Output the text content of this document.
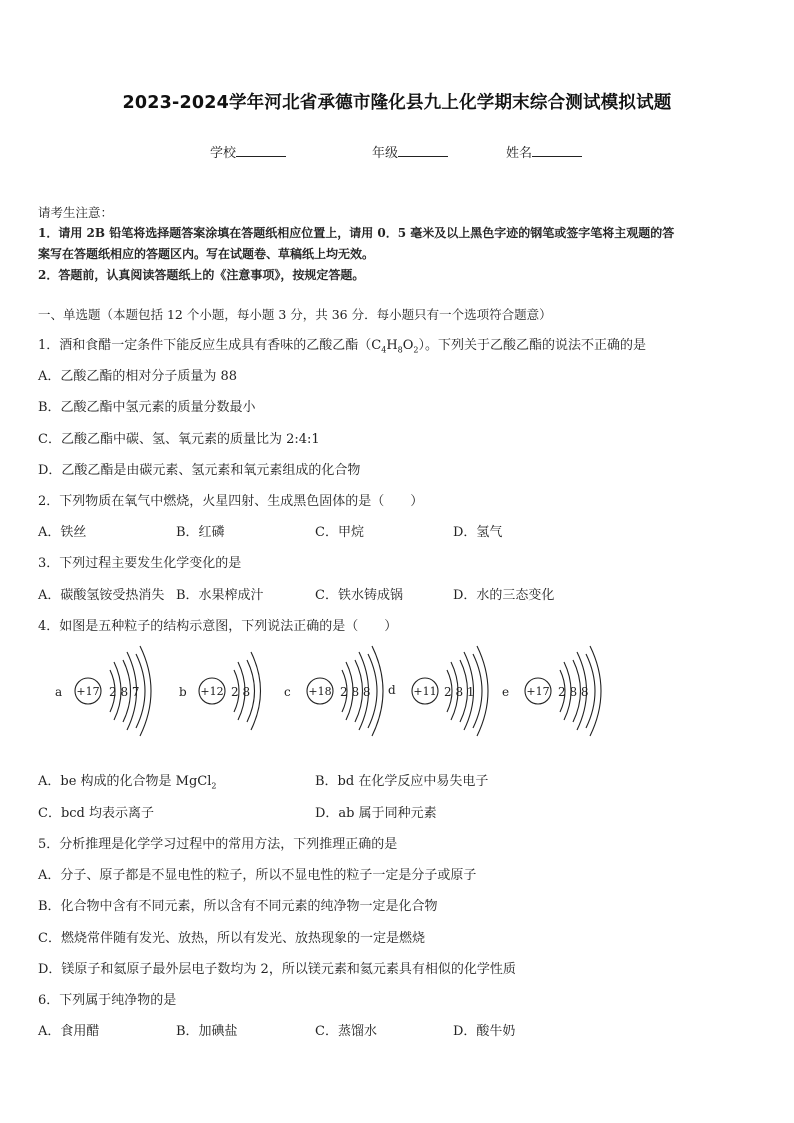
2023-2024学年河北省承德市隆化县九上化学期末综合测试模拟试题
学校	年级	姓名
请考生注意：
1．请用 2B 铅笔将选择题答案涂填在答题纸相应位置上，请用 0．5 毫米及以上黑色字迹的钢笔或签字笔将主观题的答
案写在答题纸相应的答题区内。写在试题卷、草稿纸上均无效。
2．答题前，认真阅读答题纸上的《注意事项》，按规定答题。
一、单选题（本题包括 12 个小题，每小题 3 分，共 36 分．每小题只有一个选项符合题意）
1．酒和食醋一定条件下能反应生成具有香味的乙酸乙酯$(C_4H_8O_2)$。下列关于乙酸乙酯的说法不正确的是
A．乙酸乙酯的相对分子质量为 88
B．乙酸乙酯中氢元素的质量分数最小
C．乙酸乙酯中碳、氢、氧元素的质量比为 2:4:1
D．乙酸乙酯是由碳元素、氢元素和氧元素组成的化合物
2．下列物质在氧气中燃烧，火星四射、生成黑色固体的是（　　）
A．铁丝	B．红磷	C．甲烷	D．氢气
3．下列过程主要发生化学变化的是
A．碳酸氢铵受热消失 B．水果榨成汁	C．铁水铸成锅	D．水的三态变化
4．如图是五种粒子的结构示意图，下列说法正确的是（　　）
a +17 2 8 7	b +12 2 8	c +18 2 8 8 d +11 2 8 1 e +17 2 8 8
A．be 构成的化合物是 MgCl$_2$	B．bd 在化学反应中易失电子
C．bcd 均表示离子	D．ab 属于同种元素
5．分析推理是化学学习过程中的常用方法，下列推理正确的是
A．分子、原子都是不显电性的粒子，所以不显电性的粒子一定是分子或原子
B．化合物中含有不同元素，所以含有不同元素的纯净物一定是化合物
C．燃烧常伴随有发光、放热，所以有发光、放热现象的一定是燃烧
D．镁原子和氦原子最外层电子数均为 2，所以镁元素和氦元素具有相似的化学性质
6．下列属于纯净物的是
A．食用醋	B．加碘盐	C．蒸馏水	D．酸牛奶
